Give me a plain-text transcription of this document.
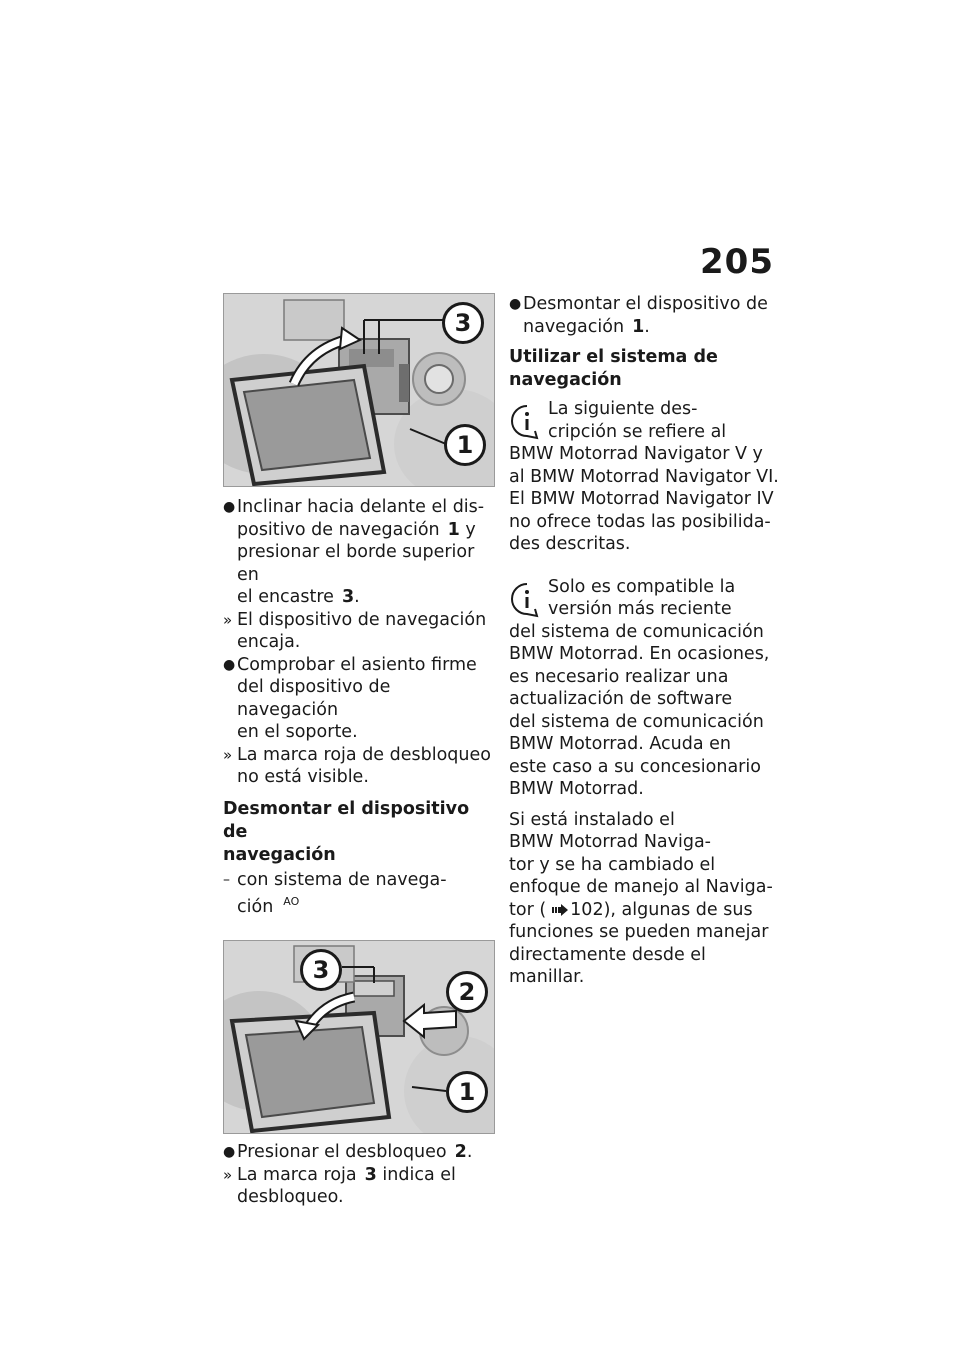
205
3
1

● Inclinar hacia delante el dis-
positivo de navegación 1 y
presionar el borde superior en
el encastre 3.

» El dispositivo de navegación
encaja.

● Comprobar el asiento firme
del dispositivo de navegación
en el soporte.

» La marca roja de desbloqueo
no está visible.

Desmontar el dispositivo de
navegación

– con sistema de navega-
ción $^{AO}$

3
2
1

● Presionar el desbloqueo 2.

» La marca roja 3 indica el
desbloqueo.

● Desmontar el dispositivo de
navegación 1.

Utilizar el sistema de
navegación

La siguiente des-
cripción se refiere al

BMW Motorrad Navigator V y
al BMW Motorrad Navigator VI.
El BMW Motorrad Navigator IV
no ofrece todas las posibilida-
des descritas.

Solo es compatible la
versión más reciente

del sistema de comunicación
BMW Motorrad. En ocasiones,
es necesario realizar una
actualización de software
del sistema de comunicación
BMW Motorrad. Acuda en
este caso a su concesionario
BMW Motorrad.

Si está instalado el
BMW Motorrad Naviga-
tor y se ha cambiado el
enfoque de manejo al Naviga-
tor ( 102), algunas de sus
funciones se pueden manejar
directamente desde el manillar.
